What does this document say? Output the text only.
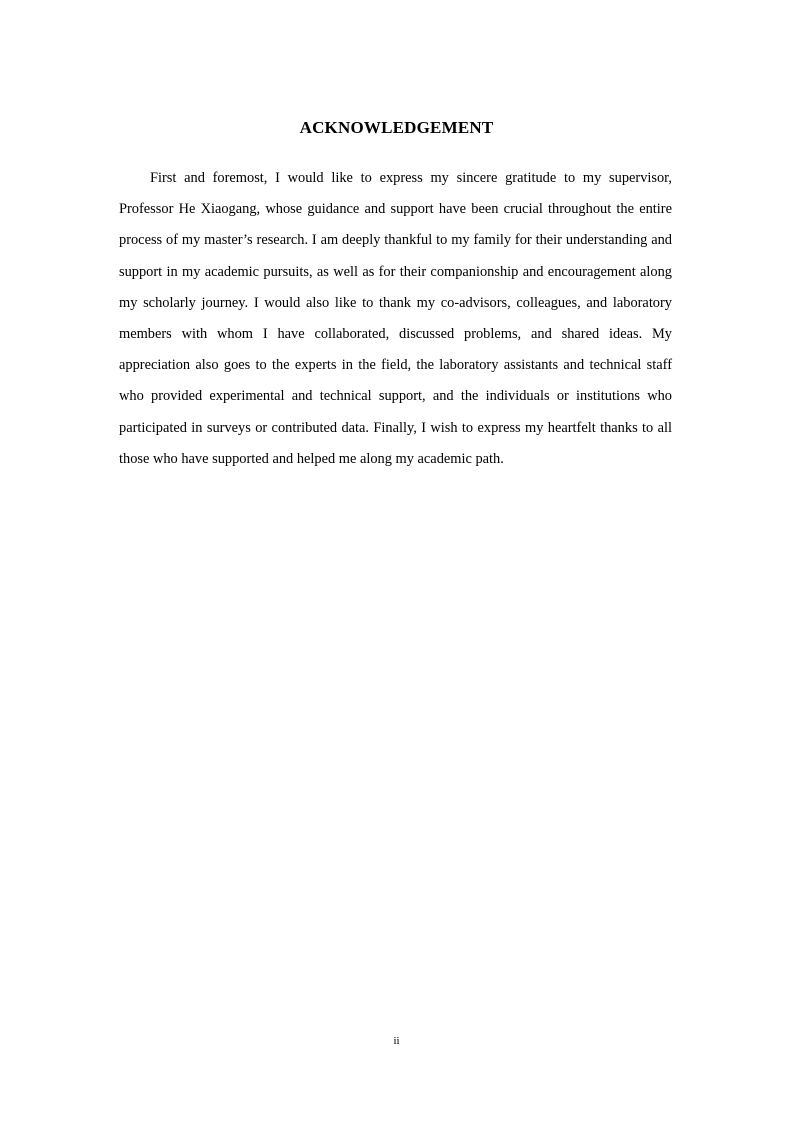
ACKNOWLEDGEMENT

First and foremost, I would like to express my sincere gratitude to my supervisor, Professor He Xiaogang, whose guidance and support have been crucial throughout the entire process of my master’s research. I am deeply thankful to my family for their understanding and support in my academic pursuits, as well as for their companionship and encouragement along my scholarly journey. I would also like to thank my co-advisors, colleagues, and laboratory members with whom I have collaborated, discussed problems, and shared ideas. My appreciation also goes to the experts in the field, the laboratory assistants and technical staff who provided experimental and technical support, and the individuals or institutions who participated in surveys or contributed data. Finally, I wish to express my heartfelt thanks to all those who have supported and helped me along my academic path.

ii
